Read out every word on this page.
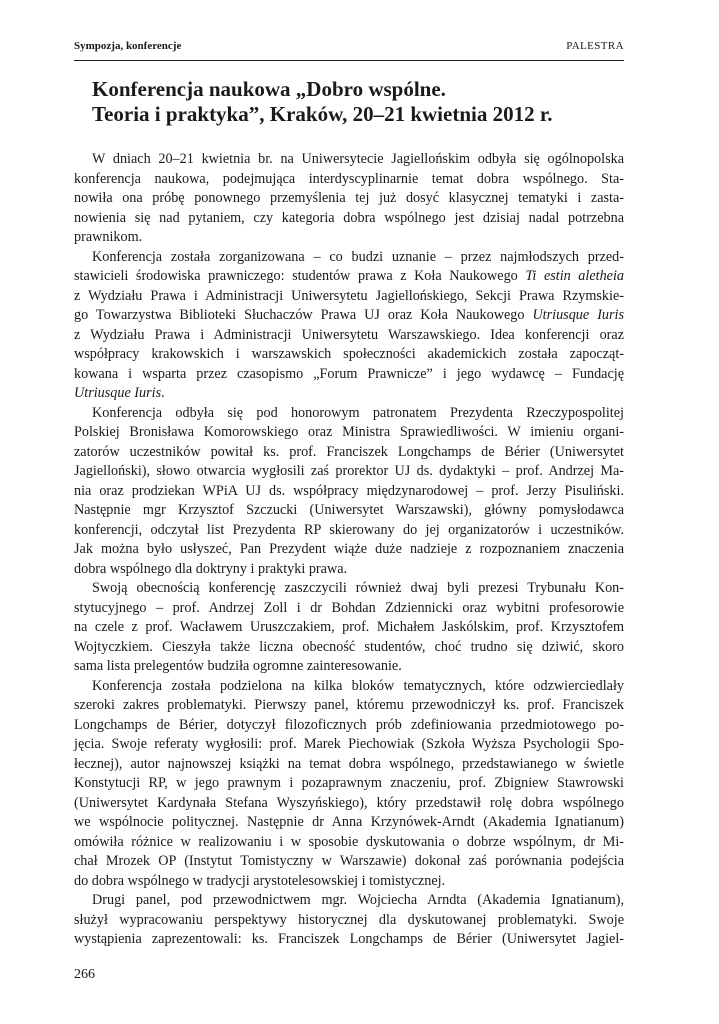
Sympozja, konferencje	PALESTRA
Konferencja naukowa „Dobro wspólne.
Teoria i praktyka”, Kraków, 20–21 kwietnia 2012 r.
W dniach 20–21 kwietnia br. na Uniwersytecie Jagiellońskim odbyła się ogólnopolska
konferencja naukowa, podejmująca interdyscyplinarnie temat dobra wspólnego. Sta-
nowiła ona próbę ponownego przemyślenia tej już dosyć klasycznej tematyki i zasta-
nowienia się nad pytaniem, czy kategoria dobra wspólnego jest dzisiaj nadal potrzebna
prawnikom.
Konferencja została zorganizowana – co budzi uznanie – przez najmłodszych przed-
stawicieli środowiska prawniczego: studentów prawa z Koła Naukowego Ti estin aletheia
z Wydziału Prawa i Administracji Uniwersytetu Jagiellońskiego, Sekcji Prawa Rzymskie-
go Towarzystwa Biblioteki Słuchaczów Prawa UJ oraz Koła Naukowego Utriusque Iuris
z Wydziału Prawa i Administracji Uniwersytetu Warszawskiego. Idea konferencji oraz
współpracy krakowskich i warszawskich społeczności akademickich została zapocząt-
kowana i wsparta przez czasopismo „Forum Prawnicze” i jego wydawcę – Fundację
Utriusque Iuris.
Konferencja odbyła się pod honorowym patronatem Prezydenta Rzeczypospolitej
Polskiej Bronisława Komorowskiego oraz Ministra Sprawiedliwości. W imieniu organi-
zatorów uczestników powitał ks. prof. Franciszek Longchamps de Bérier (Uniwersytet
Jagielloński), słowo otwarcia wygłosili zaś prorektor UJ ds. dydaktyki – prof. Andrzej Ma-
nia oraz prodziekan WPiA UJ ds. współpracy międzynarodowej – prof. Jerzy Pisuliński.
Następnie mgr Krzysztof Szczucki (Uniwersytet Warszawski), główny pomysłodawca
konferencji, odczytał list Prezydenta RP skierowany do jej organizatorów i uczestników.
Jak można było usłyszeć, Pan Prezydent wiąże duże nadzieje z rozpoznaniem znaczenia
dobra wspólnego dla doktryny i praktyki prawa.
Swoją obecnością konferencję zaszczycili również dwaj byli prezesi Trybunału Kon-
stytucyjnego – prof. Andrzej Zoll i dr Bohdan Zdziennicki oraz wybitni profesorowie
na czele z prof. Wacławem Uruszczakiem, prof. Michałem Jaskólskim, prof. Krzysztofem
Wojtyczkiem. Cieszyła także liczna obecność studentów, choć trudno się dziwić, skoro
sama lista prelegentów budziła ogromne zainteresowanie.
Konferencja została podzielona na kilka bloków tematycznych, które odzwierciedlały
szeroki zakres problematyki. Pierwszy panel, któremu przewodniczył ks. prof. Franciszek
Longchamps de Bérier, dotyczył filozoficznych prób zdefiniowania przedmiotowego po-
jęcia. Swoje referaty wygłosili: prof. Marek Piechowiak (Szkoła Wyższa Psychologii Spo-
łecznej), autor najnowszej książki na temat dobra wspólnego, przedstawianego w świetle
Konstytucji RP, w jego prawnym i pozaprawnym znaczeniu, prof. Zbigniew Stawrowski
(Uniwersytet Kardynała Stefana Wyszyńskiego), który przedstawił rolę dobra wspólnego
we wspólnocie politycznej. Następnie dr Anna Krzynówek-Arndt (Akademia Ignatianum)
omówiła różnice w realizowaniu i w sposobie dyskutowania o dobrze wspólnym, dr Mi-
chał Mrozek OP (Instytut Tomistyczny w Warszawie) dokonał zaś porównania podejścia
do dobra wspólnego w tradycji arystotelesowskiej i tomistycznej.
Drugi panel, pod przewodnictwem mgr. Wojciecha Arndta (Akademia Ignatianum),
służył wypracowaniu perspektywy historycznej dla dyskutowanej problematyki. Swoje
wystąpienia zaprezentowali: ks. Franciszek Longchamps de Bérier (Uniwersytet Jagiel-
266
